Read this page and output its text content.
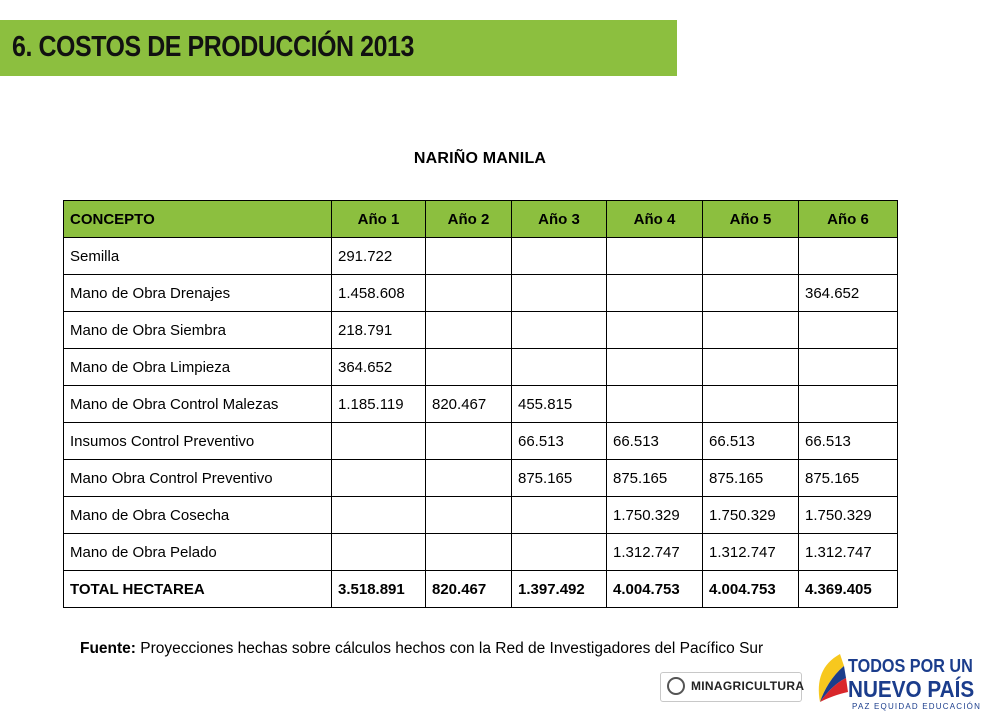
6. COSTOS DE PRODUCCIÓN 2013
NARIÑO MANILA
CONCEPTO	Año 1	Año 2	Año 3	Año 4	Año 5	Año 6
Semilla	291.722					
Mano de Obra Drenajes	1.458.608					364.652
Mano de Obra Siembra	218.791					
Mano de Obra Limpieza	364.652					
Mano de Obra Control Malezas	1.185.119	820.467	455.815			
Insumos Control Preventivo			66.513	66.513	66.513	66.513
Mano Obra Control Preventivo			875.165	875.165	875.165	875.165
Mano de Obra Cosecha				1.750.329	1.750.329	1.750.329
Mano de Obra Pelado				1.312.747	1.312.747	1.312.747
TOTAL HECTAREA	3.518.891	820.467	1.397.492	4.004.753	4.004.753	4.369.405
Fuente: Proyecciones hechas sobre cálculos hechos con la Red de Investigadores del Pacífico Sur
MINAGRICULTURA
TODOS POR UN
NUEVO PAÍS
PAZ EQUIDAD EDUCACIÓN
